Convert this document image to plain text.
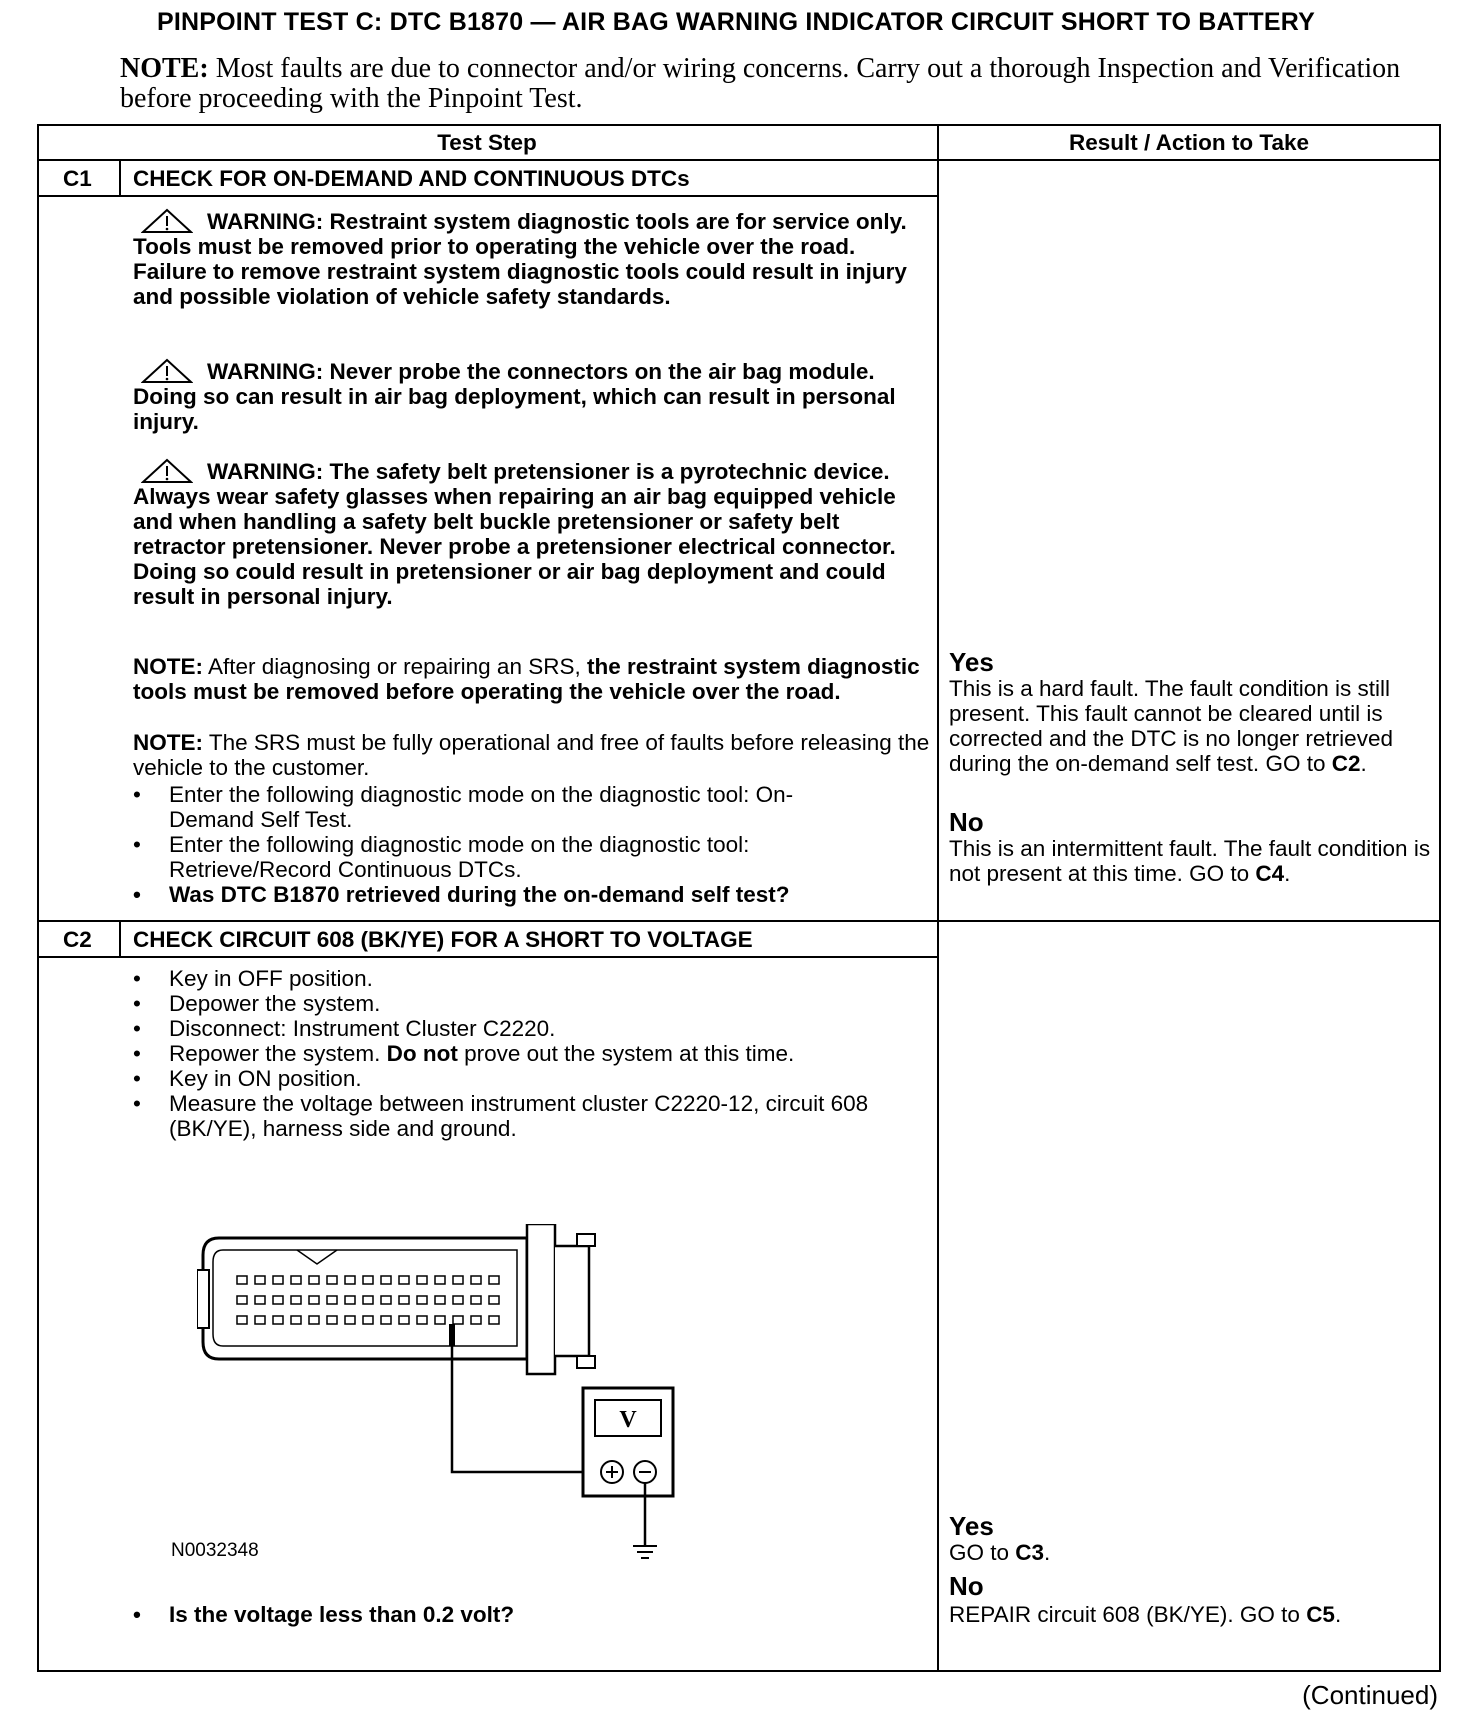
PINPOINT TEST C: DTC B1870 — AIR BAG WARNING INDICATOR CIRCUIT SHORT TO BATTERY
NOTE: Most faults are due to connector and/or wiring concerns. Carry out a thorough Inspection and Verification before proceeding with the Pinpoint Test.
Test Step	Result / Action to Take
C1 CHECK FOR ON-DEMAND AND CONTINUOUS DTCs
WARNING: Restraint system diagnostic tools are for service only. Tools must be removed prior to operating the vehicle over the road. Failure to remove restraint system diagnostic tools could result in injury and possible violation of vehicle safety standards.
WARNING: Never probe the connectors on the air bag module. Doing so can result in air bag deployment, which can result in personal injury.
WARNING: The safety belt pretensioner is a pyrotechnic device. Always wear safety glasses when repairing an air bag equipped vehicle and when handling a safety belt buckle pretensioner or safety belt retractor pretensioner. Never probe a pretensioner electrical connector. Doing so could result in pretensioner or air bag deployment and could result in personal injury.
NOTE: After diagnosing or repairing an SRS, the restraint system diagnostic tools must be removed before operating the vehicle over the road.
NOTE: The SRS must be fully operational and free of faults before releasing the vehicle to the customer.
• Enter the following diagnostic mode on the diagnostic tool: On-Demand Self Test.
• Enter the following diagnostic mode on the diagnostic tool: Retrieve/Record Continuous DTCs.
• Was DTC B1870 retrieved during the on-demand self test?
Yes
This is a hard fault. The fault condition is still present. This fault cannot be cleared until is corrected and the DTC is no longer retrieved during the on-demand self test. GO to C2.
No
This is an intermittent fault. The fault condition is not present at this time. GO to C4.
C2 CHECK CIRCUIT 608 (BK/YE) FOR A SHORT TO VOLTAGE
• Key in OFF position.
• Depower the system.
• Disconnect: Instrument Cluster C2220.
• Repower the system. Do not prove out the system at this time.
• Key in ON position.
• Measure the voltage between instrument cluster C2220-12, circuit 608 (BK/YE), harness side and ground.
V
N0032348
• Is the voltage less than 0.2 volt?
Yes
GO to C3.
No
REPAIR circuit 608 (BK/YE). GO to C5.
(Continued)
